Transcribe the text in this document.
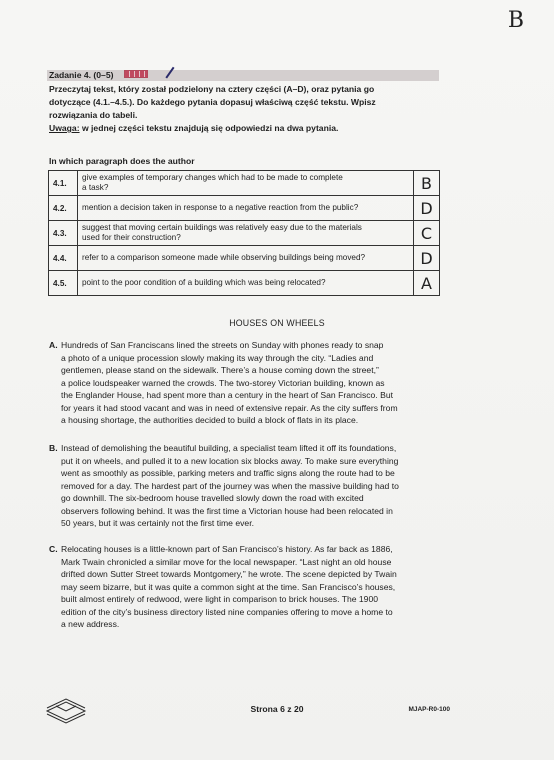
B
Zadanie 4. (0–5)
Przeczytaj tekst, który został podzielony na cztery części (A–D), oraz pytania go
dotyczące (4.1.–4.5.). Do każdego pytania dopasuj właściwą część tekstu. Wpisz
rozwiązania do tabeli.
Uwaga: w jednej części tekstu znajdują się odpowiedzi na dwa pytania.
In which paragraph does the author
4.1.	give examples of temporary changes which had to be made to complete
a task?	B
4.2.	mention a decision taken in response to a negative reaction from the public?	D
4.3.	suggest that moving certain buildings was relatively easy due to the materials
used for their construction?	C
4.4.	refer to a comparison someone made while observing buildings being moved?	D
4.5.	point to the poor condition of a building which was being relocated?	A
HOUSES ON WHEELS
A. Hundreds of San Franciscans lined the streets on Sunday with phones ready to snap
a photo of a unique procession slowly making its way through the city. “Ladies and
gentlemen, please stand on the sidewalk. There’s a house coming down the street,”
a police loudspeaker warned the crowds. The two-storey Victorian building, known as
the Englander House, had spent more than a century in the heart of San Francisco. But
for years it had stood vacant and was in need of extensive repair. As the city suffers from
a housing shortage, the authorities decided to build a block of flats in its place.
B. Instead of demolishing the beautiful building, a specialist team lifted it off its foundations,
put it on wheels, and pulled it to a new location six blocks away. To make sure everything
went as smoothly as possible, parking meters and traffic signs along the route had to be
removed for a day. The hardest part of the journey was when the massive building had to
go downhill. The six-bedroom house travelled slowly down the road with excited
observers following behind. It was the first time a Victorian house had been relocated in
50 years, but it was certainly not the first time ever.
C. Relocating houses is a little-known part of San Francisco’s history. As far back as 1886,
Mark Twain chronicled a similar move for the local newspaper. “Last night an old house
drifted down Sutter Street towards Montgomery,” he wrote. The scene depicted by Twain
may seem bizarre, but it was quite a common sight at the time. San Francisco’s houses,
built almost entirely of redwood, were light in comparison to brick houses. The 1900
edition of the city’s business directory listed nine companies offering to move a home to
a new address.
Strona 6 z 20	MJAP-R0-100
